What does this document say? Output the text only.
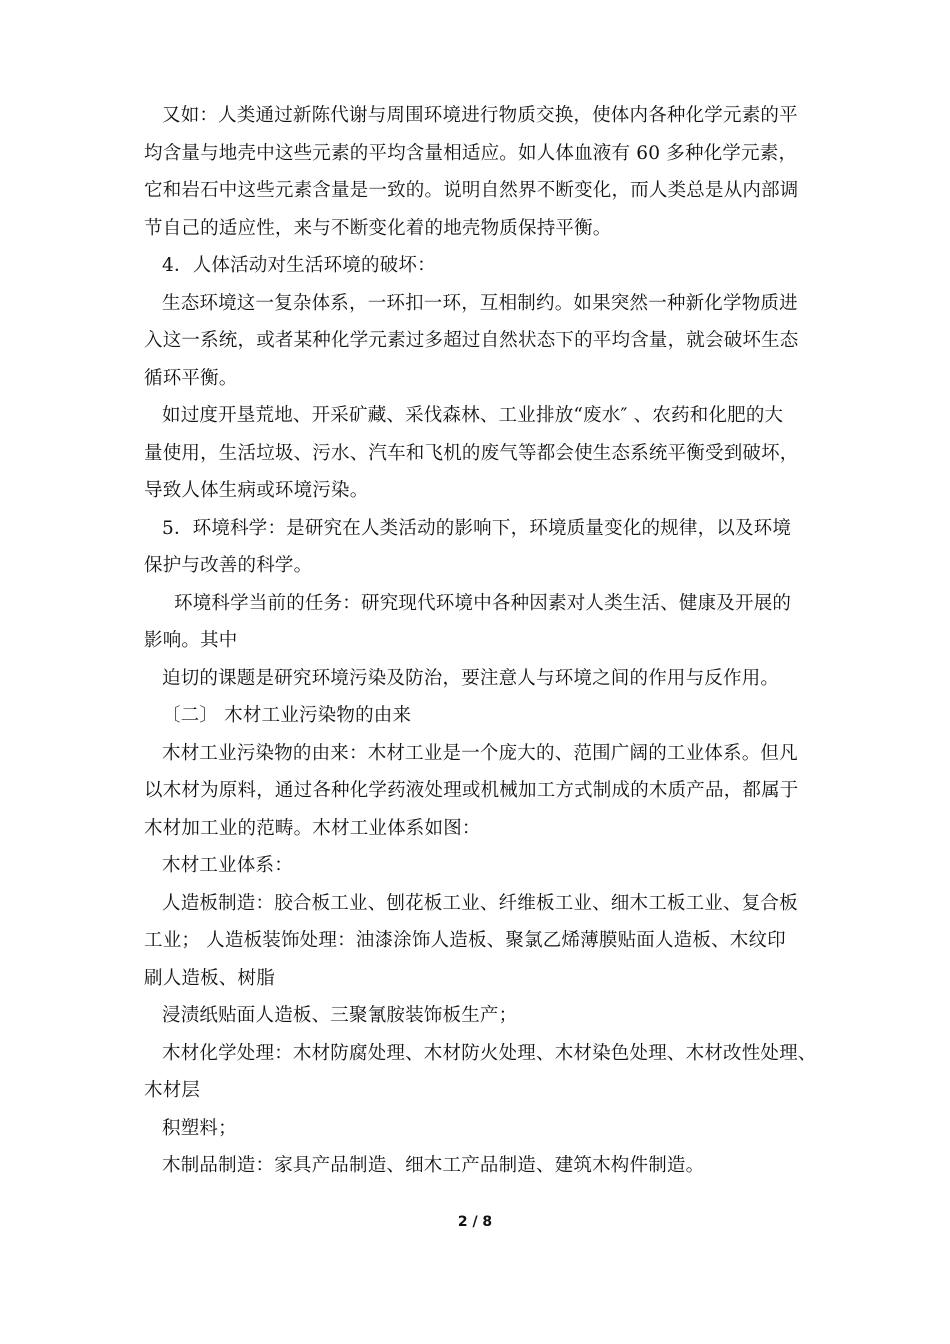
又如：人类通过新陈代谢与周围环境进行物质交换，使体内各种化学元素的平
均含量与地壳中这些元素的平均含量相适应。如人体血液有 60 多种化学元素，
它和岩石中这些元素含量是一致的。说明自然界不断变化，而人类总是从内部调
节自己的适应性，来与不断变化着的地壳物质保持平衡。
4．人体活动对生活环境的破坏：
生态环境这一复杂体系，一环扣一环，互相制约。如果突然一种新化学物质进
入这一系统，或者某种化学元素过多超过自然状态下的平均含量，就会破坏生态
循环平衡。
如过度开垦荒地、开采矿藏、采伐森林、工业排放“废水″ 、农药和化肥的大
量使用，生活垃圾、污水、汽车和飞机的废气等都会使生态系统平衡受到破坏，
导致人体生病或环境污染。
5．环境科学：是研究在人类活动的影响下，环境质量变化的规律，以及环境
保护与改善的科学。
环境科学当前的任务：研究现代环境中各种因素对人类生活、健康及开展的
影响。其中
迫切的课题是研究环境污染及防治，要注意人与环境之间的作用与反作用。
〔二〕 木材工业污染物的由来
木材工业污染物的由来：木材工业是一个庞大的、范围广阔的工业体系。但凡
以木材为原料，通过各种化学药液处理或机械加工方式制成的木质产品，都属于
木材加工业的范畴。木材工业体系如图：
木材工业体系：
人造板制造：胶合板工业、刨花板工业、纤维板工业、细木工板工业、复合板
工业； 人造板装饰处理：油漆涂饰人造板、聚氯乙烯薄膜贴面人造板、木纹印
刷人造板、树脂
浸渍纸贴面人造板、三聚氰胺装饰板生产；
木材化学处理：木材防腐处理、木材防火处理、木材染色处理、木材改性处理、
木材层
积塑料；
木制品制造：家具产品制造、细木工产品制造、建筑木构件制造。
2 / 8
